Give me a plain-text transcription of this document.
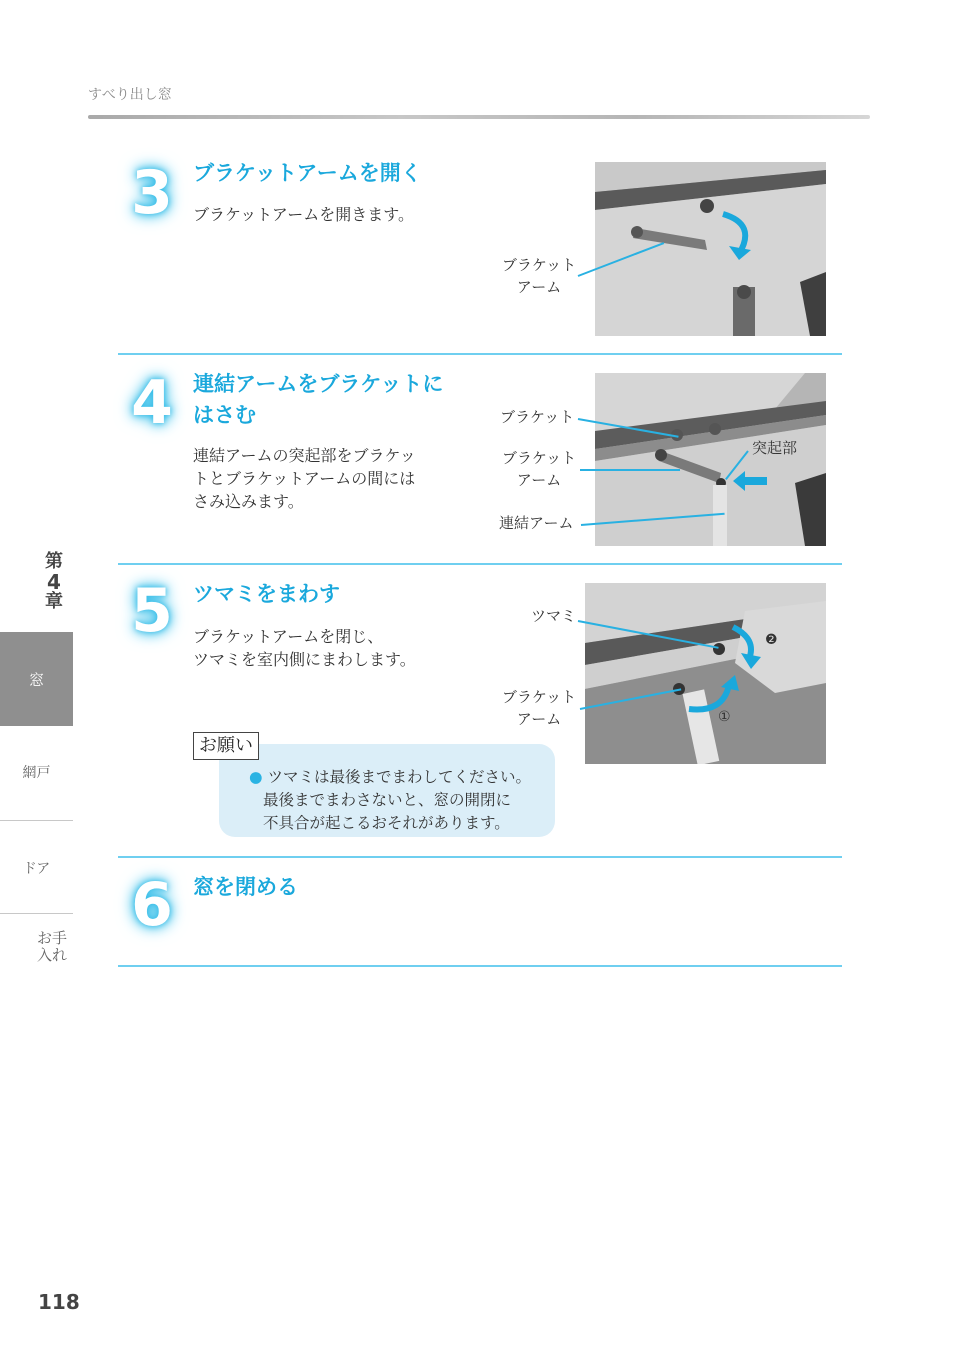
すべり出し窓
3 ブラケットアームを開く
ブラケットアームを開きます。
ブラケット
アーム
4 連結アームをブラケットに
はさむ
連結アームの突起部をブラケッ
トとブラケットアームの間には
さみ込みます。
ブラケット
ブラケット
アーム
突起部
連結アーム
5 ツマミをまわす
ブラケットアームを閉じ、
ツマミを室内側にまわします。
❷
①
ツマミ
ブラケット
アーム
お願い
● ツマミは最後までまわしてください。
最後までまわさないと、窓の開閉に
不具合が起こるおそれがあります。
6 窓を閉める
第
4
章
窓
網戸
ドア
お手入れ
118
